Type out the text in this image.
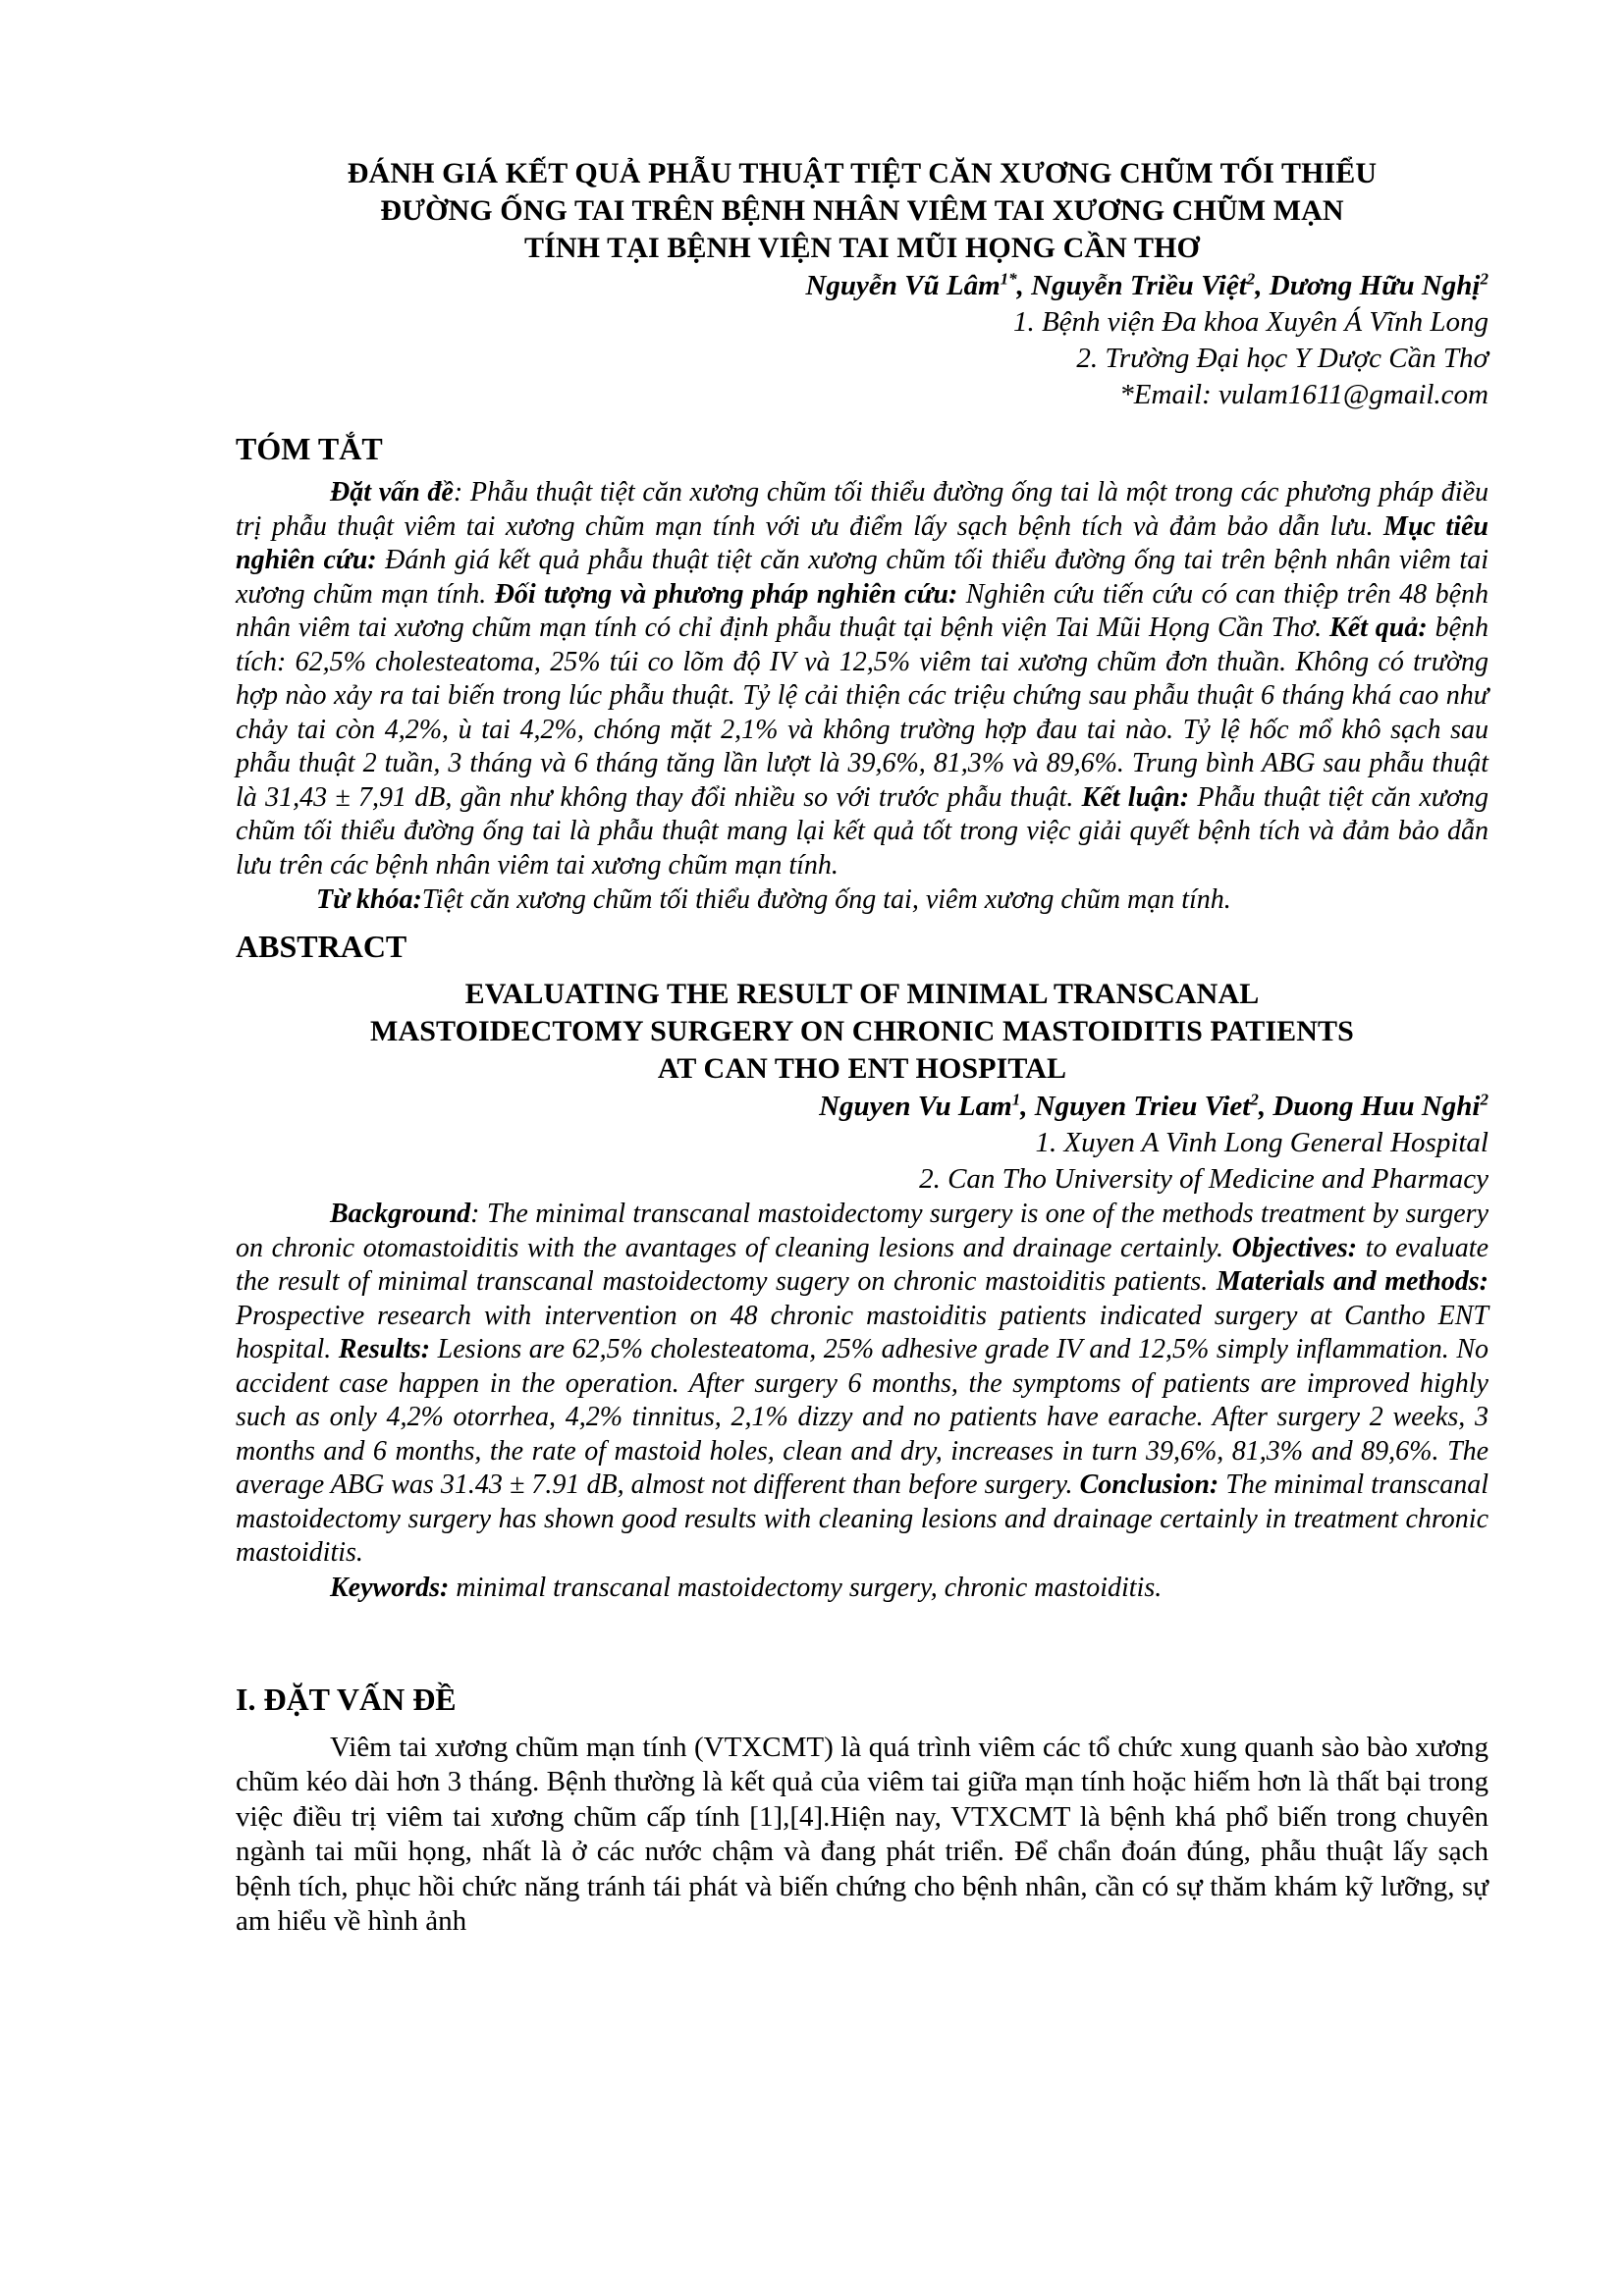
ĐÁNH GIÁ KẾT QUẢ PHẪU THUẬT TIỆT CĂN XƯƠNG CHŨM TỐI THIỂU
ĐƯỜNG ỐNG TAI TRÊN BỆNH NHÂN VIÊM TAI XƯƠNG CHŨM MẠN
TÍNH TẠI BỆNH VIỆN TAI MŨI HỌNG CẦN THƠ
Nguyễn Vũ Lâm$^{1*}$, Nguyễn Triều Việt$^2$, Dương Hữu Nghị$^2$
1. Bệnh viện Đa khoa Xuyên Á Vĩnh Long
2. Trường Đại học Y Dược Cần Thơ
*Email: vulam1611@gmail.com
TÓM TẮT
Đặt vấn đề: Phẫu thuật tiệt căn xương chũm tối thiểu đường ống tai là một trong các phương pháp điều trị phẫu thuật viêm tai xương chũm mạn tính với ưu điểm lấy sạch bệnh tích và đảm bảo dẫn lưu. Mục tiêu nghiên cứu: Đánh giá kết quả phẫu thuật tiệt căn xương chũm tối thiểu đường ống tai trên bệnh nhân viêm tai xương chũm mạn tính. Đối tượng và phương pháp nghiên cứu: Nghiên cứu tiến cứu có can thiệp trên 48 bệnh nhân viêm tai xương chũm mạn tính có chỉ định phẫu thuật tại bệnh viện Tai Mũi Họng Cần Thơ. Kết quả: bệnh tích: 62,5% cholesteatoma, 25% túi co lõm độ IV và 12,5% viêm tai xương chũm đơn thuần. Không có trường hợp nào xảy ra tai biến trong lúc phẫu thuật. Tỷ lệ cải thiện các triệu chứng sau phẫu thuật 6 tháng khá cao như chảy tai còn 4,2%, ù tai 4,2%, chóng mặt 2,1% và không trường hợp đau tai nào. Tỷ lệ hốc mổ khô sạch sau phẫu thuật 2 tuần, 3 tháng và 6 tháng tăng lần lượt là 39,6%, 81,3% và 89,6%. Trung bình ABG sau phẫu thuật là 31,43 ± 7,91 dB, gần như không thay đổi nhiều so với trước phẫu thuật. Kết luận: Phẫu thuật tiệt căn xương chũm tối thiểu đường ống tai là phẫu thuật mang lại kết quả tốt trong việc giải quyết bệnh tích và đảm bảo dẫn lưu trên các bệnh nhân viêm tai xương chũm mạn tính.
Từ khóa:Tiệt căn xương chũm tối thiểu đường ống tai, viêm xương chũm mạn tính.
ABSTRACT
EVALUATING THE RESULT OF MINIMAL TRANSCANAL
MASTOIDECTOMY SURGERY ON CHRONIC MASTOIDITIS PATIENTS
AT CAN THO ENT HOSPITAL
Nguyen Vu Lam$^1$, Nguyen Trieu Viet$^2$, Duong Huu Nghi$^2$
1. Xuyen A Vinh Long General Hospital
2. Can Tho University of Medicine and Pharmacy
Background: The minimal transcanal mastoidectomy surgery is one of the methods treatment by surgery on chronic otomastoiditis with the avantages of cleaning lesions and drainage certainly. Objectives: to evaluate the result of minimal transcanal mastoidectomy sugery on chronic mastoiditis patients. Materials and methods: Prospective research with intervention on 48 chronic mastoiditis patients indicated surgery at Cantho ENT hospital. Results: Lesions are 62,5% cholesteatoma, 25% adhesive grade IV and 12,5% simply inflammation. No accident case happen in the operation. After surgery 6 months, the symptoms of patients are improved highly such as only 4,2% otorrhea, 4,2% tinnitus, 2,1% dizzy and no patients have earache. After surgery 2 weeks, 3 months and 6 months, the rate of mastoid holes, clean and dry, increases in turn 39,6%, 81,3% and 89,6%. The average ABG was 31.43 ± 7.91 dB, almost not different than before surgery. Conclusion: The minimal transcanal mastoidectomy surgery has shown good results with cleaning lesions and drainage certainly in treatment chronic mastoiditis.
Keywords: minimal transcanal mastoidectomy surgery, chronic mastoiditis.
I. ĐẶT VẤN ĐỀ
Viêm tai xương chũm mạn tính (VTXCMT) là quá trình viêm các tổ chức xung quanh sào bào xương chũm kéo dài hơn 3 tháng. Bệnh thường là kết quả của viêm tai giữa mạn tính hoặc hiếm hơn là thất bại trong việc điều trị viêm tai xương chũm cấp tính [1],[4].Hiện nay, VTXCMT là bệnh khá phổ biến trong chuyên ngành tai mũi họng, nhất là ở các nước chậm và đang phát triển. Để chẩn đoán đúng, phẫu thuật lấy sạch bệnh tích, phục hồi chức năng tránh tái phát và biến chứng cho bệnh nhân, cần có sự thăm khám kỹ lưỡng, sự am hiểu về hình ảnh
